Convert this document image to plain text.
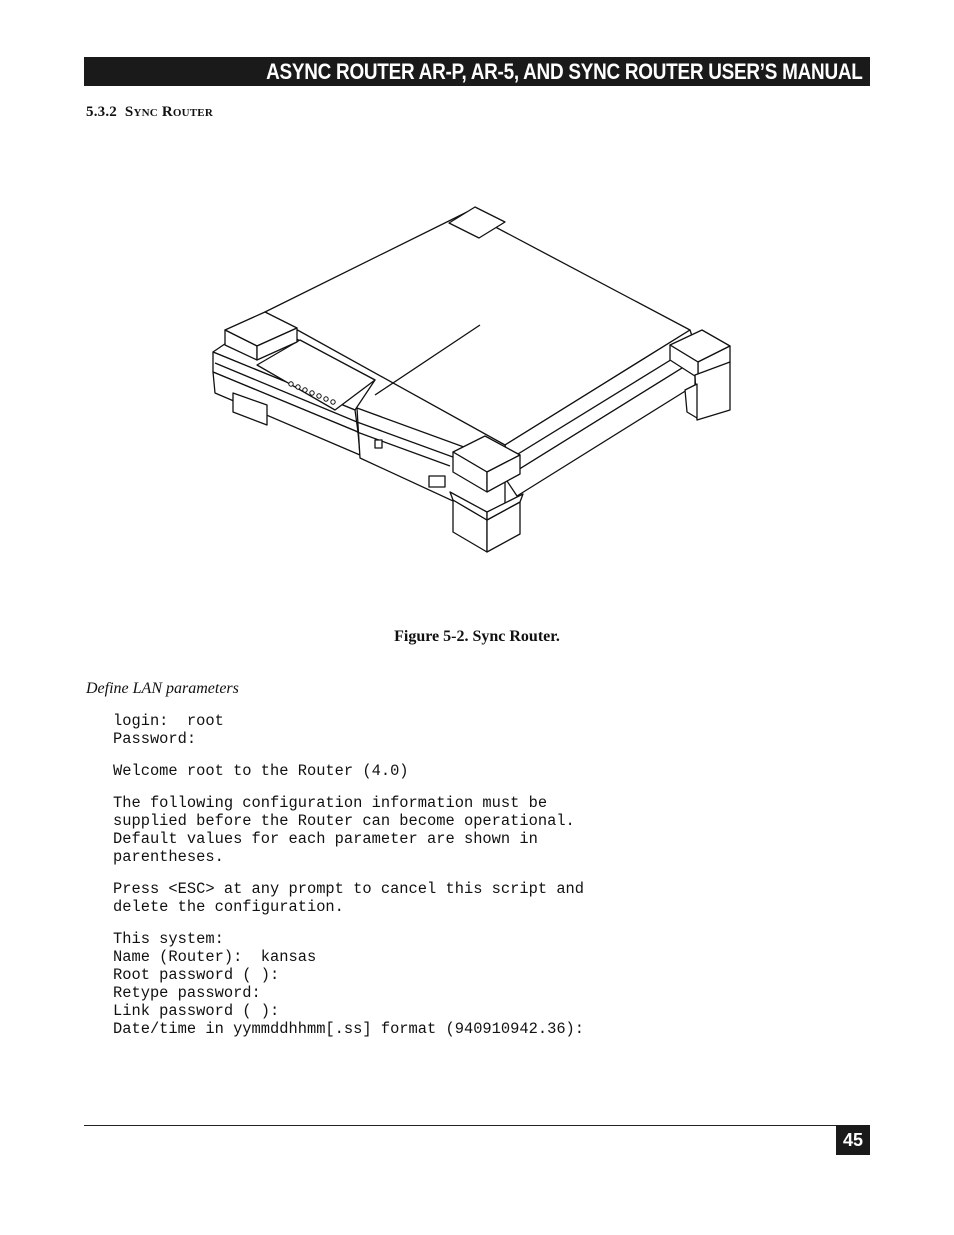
ASYNC ROUTER AR-P, AR-5, AND SYNC ROUTER USER’S MANUAL
5.3.2 Sync Router
Figure 5-2. Sync Router.
Define LAN parameters
login:  root
Password:
Welcome root to the Router (4.0)
The following configuration information must be
supplied before the Router can become operational.
Default values for each parameter are shown in
parentheses.
Press <ESC> at any prompt to cancel this script and
delete the configuration.
This system:
Name (Router):  kansas
Root password ( ):
Retype password:
Link password ( ):
Date/time in yymmddhhmm[.ss] format (940910942.36):
45
